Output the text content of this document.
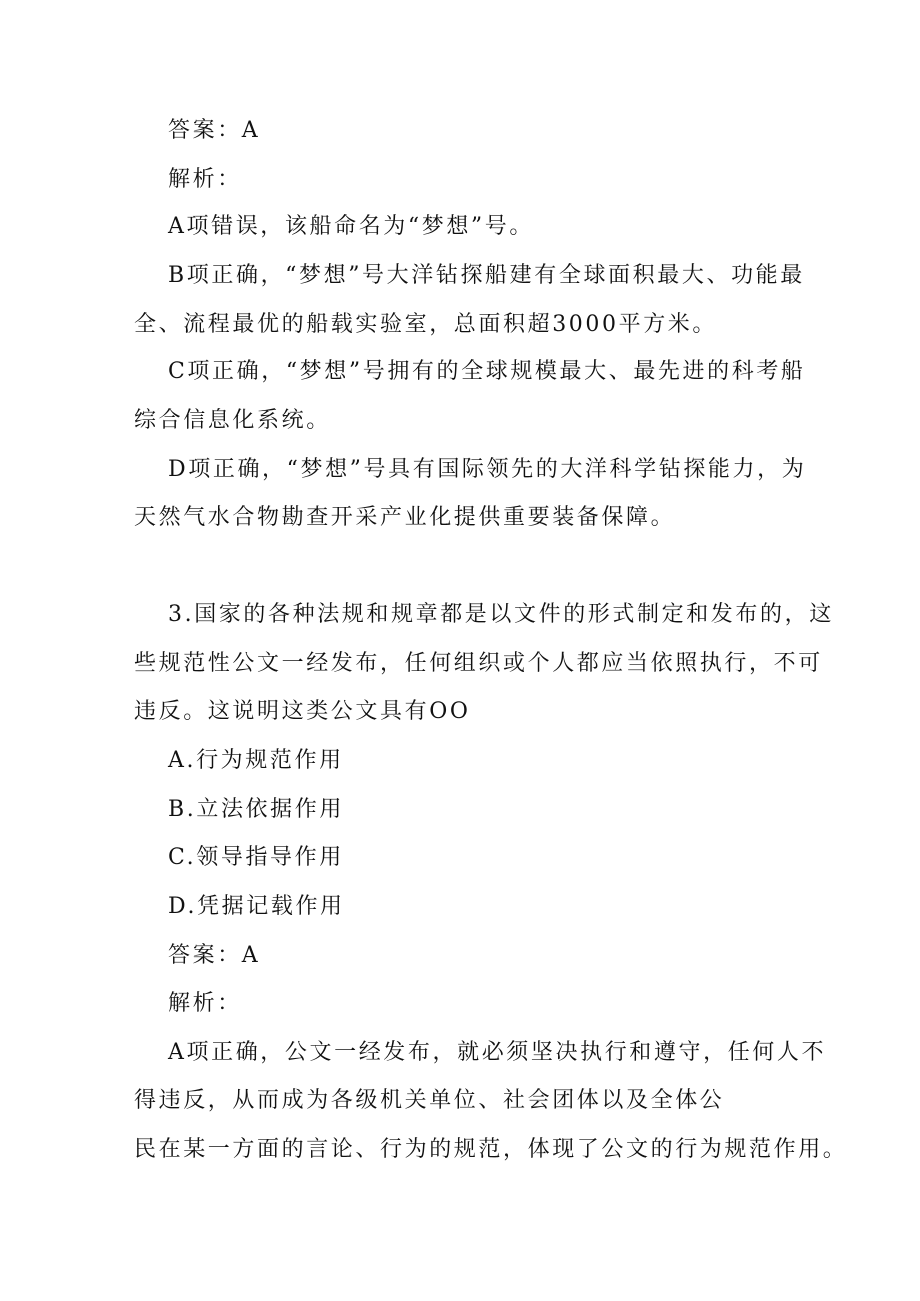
答案：A
解析：
A项错误，该船命名为“梦想”号。
B项正确，“梦想”号大洋钻探船建有全球面积最大、功能最
全、流程最优的船载实验室，总面积超3000平方米。
C项正确，“梦想”号拥有的全球规模最大、最先进的科考船
综合信息化系统。
D项正确，“梦想”号具有国际领先的大洋科学钻探能力，为
天然气水合物勘查开采产业化提供重要装备保障。
3.国家的各种法规和规章都是以文件的形式制定和发布的，这
些规范性公文一经发布，任何组织或个人都应当依照执行，不可
违反。这说明这类公文具有OO
A.行为规范作用
B.立法依据作用
C.领导指导作用
D.凭据记载作用
答案：A
解析：
A项正确，公文一经发布，就必须坚决执行和遵守，任何人不
得违反，从而成为各级机关单位、社会团体以及全体公
民在某一方面的言论、行为的规范，体现了公文的行为规范作用。
